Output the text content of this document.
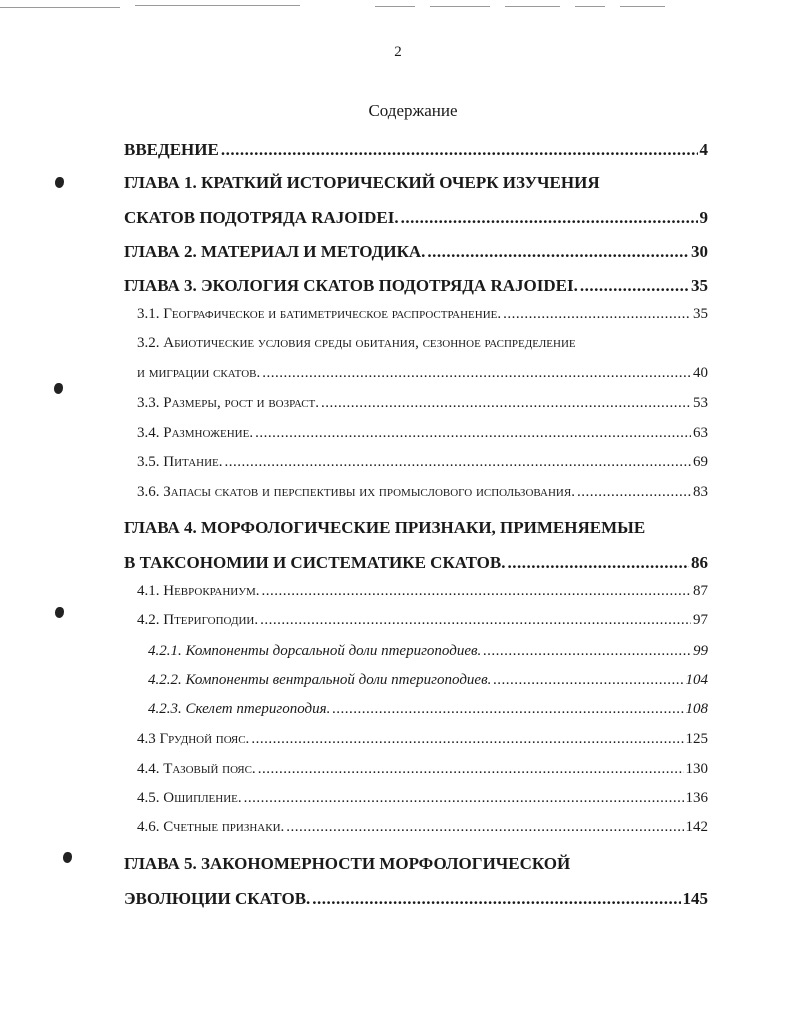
2
Содержание
ВВЕДЕНИЕ .....	4
ГЛАВА 1. КРАТКИЙ ИСТОРИЧЕСКИЙ ОЧЕРК ИЗУЧЕНИЯ
СКАТОВ ПОДОТРЯДА RAJOIDEI. .....	9
ГЛАВА 2. МАТЕРИАЛ И МЕТОДИКА. .....	30
ГЛАВА 3. ЭКОЛОГИЯ СКАТОВ ПОДОТРЯДА RAJOIDEI. .....	35
3.1. Географическое и батиметрическое распространение. .....	35
3.2. Абиотические условия среды обитания, сезонное распределение
и миграции скатов. .....	40
3.3. Размеры, рост и возраст. .....	53
3.4. Размножение. .....	63
3.5. Питание. .....	69
3.6. Запасы скатов и перспективы их промыслового использования. .....	83
ГЛАВА 4. МОРФОЛОГИЧЕСКИЕ ПРИЗНАКИ, ПРИМЕНЯЕМЫЕ
В ТАКСОНОМИИ И СИСТЕМАТИКЕ СКАТОВ. .....	86
4.1. Неврокраниум. .....	87
4.2. Птеригоподии. .....	97
4.2.1. Компоненты дорсальной доли птеригоподиев. .....	99
4.2.2. Компоненты вентральной доли птеригоподиев. .....	104
4.2.3. Скелет птеригоподия. .....	108
4.3 Грудной пояс. .....	125
4.4. Тазовый пояс. .....	130
4.5. Ошипление. .....	136
4.6. Счетные признаки. .....	142
ГЛАВА 5. ЗАКОНОМЕРНОСТИ МОРФОЛОГИЧЕСКОЙ
ЭВОЛЮЦИИ СКАТОВ. .....	145
